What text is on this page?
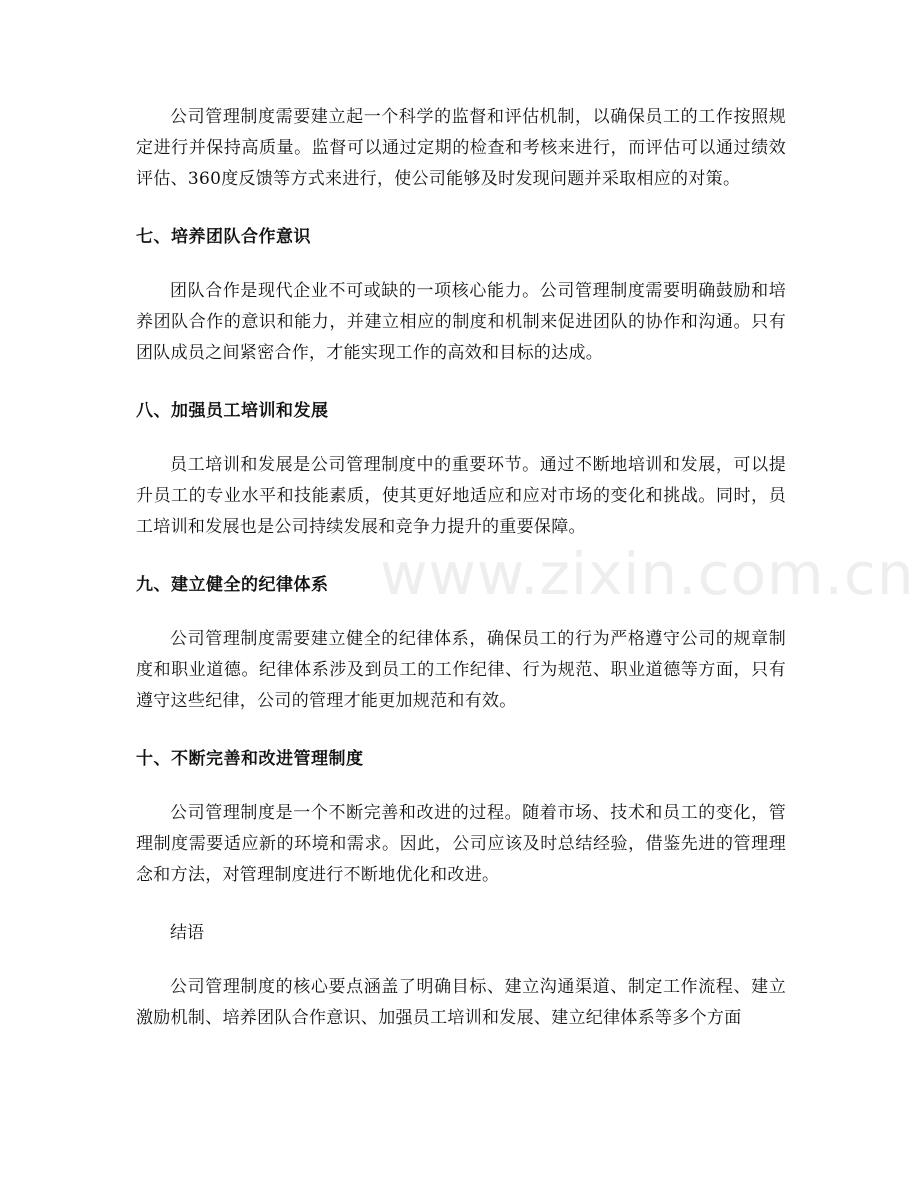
公司管理制度需要建立起一个科学的监督和评估机制，以确保员工的工作按照规定进行并保持高质量。监督可以通过定期的检查和考核来进行，而评估可以通过绩效评估、360度反馈等方式来进行，使公司能够及时发现问题并采取相应的对策。

七、培养团队合作意识

团队合作是现代企业不可或缺的一项核心能力。公司管理制度需要明确鼓励和培养团队合作的意识和能力，并建立相应的制度和机制来促进团队的协作和沟通。只有团队成员之间紧密合作，才能实现工作的高效和目标的达成。

八、加强员工培训和发展

员工培训和发展是公司管理制度中的重要环节。通过不断地培训和发展，可以提升员工的专业水平和技能素质，使其更好地适应和应对市场的变化和挑战。同时，员工培训和发展也是公司持续发展和竞争力提升的重要保障。

九、建立健全的纪律体系

公司管理制度需要建立健全的纪律体系，确保员工的行为严格遵守公司的规章制度和职业道德。纪律体系涉及到员工的工作纪律、行为规范、职业道德等方面，只有遵守这些纪律，公司的管理才能更加规范和有效。

十、不断完善和改进管理制度

公司管理制度是一个不断完善和改进的过程。随着市场、技术和员工的变化，管理制度需要适应新的环境和需求。因此，公司应该及时总结经验，借鉴先进的管理理念和方法，对管理制度进行不断地优化和改进。

结语

公司管理制度的核心要点涵盖了明确目标、建立沟通渠道、制定工作流程、建立激励机制、培养团队合作意识、加强员工培训和发展、建立纪律体系等多个方面

www.zixin.com.cn
